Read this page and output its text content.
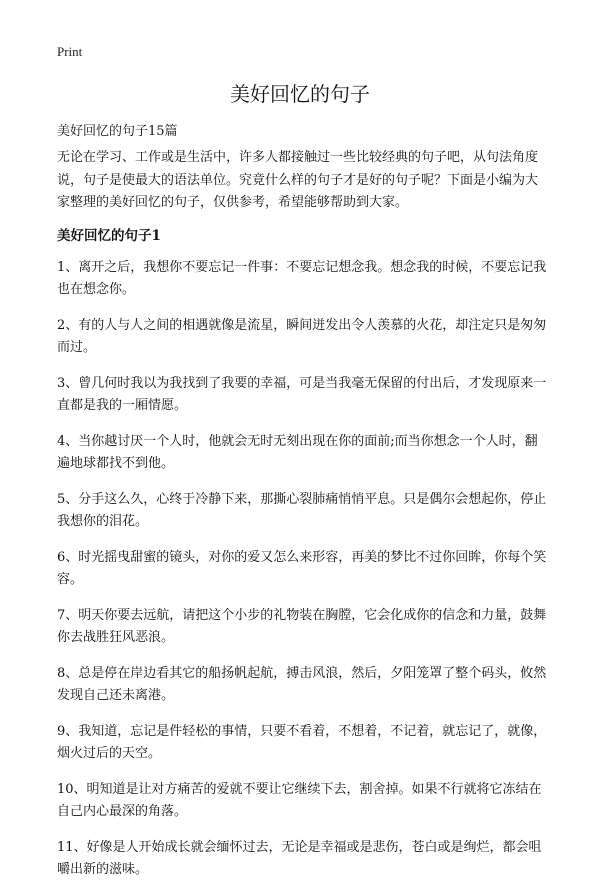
Print
美好回忆的句子

美好回忆的句子15篇

无论在学习、工作或是生活中，许多人都接触过一些比较经典的句子吧，从句法角度说，句子是使最大的语法单位。究竟什么样的句子才是好的句子呢？下面是小编为大家整理的美好回忆的句子，仅供参考，希望能够帮助到大家。

美好回忆的句子1

1、离开之后，我想你不要忘记一件事：不要忘记想念我。想念我的时候，不要忘记我也在想念你。

2、有的人与人之间的相遇就像是流星，瞬间迸发出令人羡慕的火花，却注定只是匆匆而过。

3、曾几何时我以为我找到了我要的幸福，可是当我毫无保留的付出后，才发现原来一直都是我的一厢情愿。

4、当你越讨厌一个人时，他就会无时无刻出现在你的面前;而当你想念一个人时，翻遍地球都找不到他。

5、分手这么久，心终于冷静下来，那撕心裂肺痛悄悄平息。只是偶尔会想起你，停止我想你的泪花。

6、时光摇曳甜蜜的镜头，对你的爱又怎么来形容，再美的梦比不过你回眸，你每个笑容。

7、明天你要去远航，请把这个小步的礼物装在胸膛，它会化成你的信念和力量，鼓舞你去战胜狂风恶浪。

8、总是停在岸边看其它的船扬帆起航，搏击风浪，然后，夕阳笼罩了整个码头，攸然发现自己还未离港。

9、我知道，忘记是件轻松的事情，只要不看着，不想着，不记着，就忘记了，就像，烟火过后的天空。

10、明知道是让对方痛苦的爱就不要让它继续下去，割舍掉。如果不行就将它冻结在自己内心最深的角落。

11、好像是人开始成长就会缅怀过去，无论是幸福或是悲伤，苍白或是绚烂，都会咀嚼出新的滋味。
